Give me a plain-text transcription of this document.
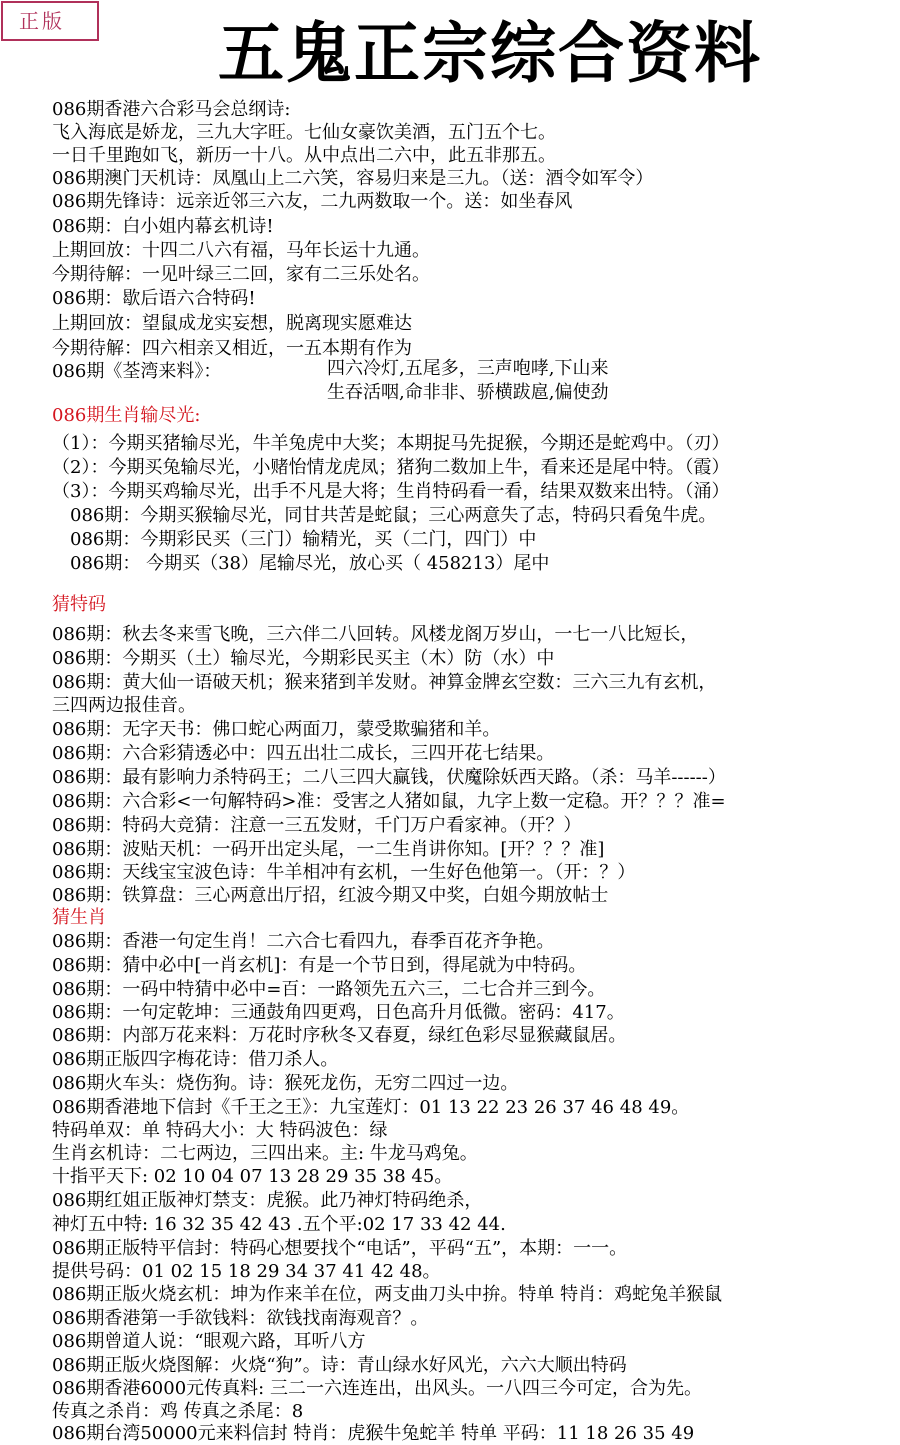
正版	五鬼正宗综合资料
086期香港六合彩马会总纲诗:
飞入海底是娇龙，三九大字旺。七仙女豪饮美酒，五门五个七。
一日千里跑如飞，新历一十八。从中点出二六中，此五非那五。
086期澳门天机诗：凤凰山上二六笑，容易归来是三九。（送：酒令如军令）
086期先锋诗：远亲近邻三六友，二九两数取一个。送：如坐春风
086期：白小姐内幕玄机诗!
上期回放：十四二八六有福，马年长运十九通。
今期待解：一见叶绿三二回，家有二三乐处名。
086期：歇后语六合特码!
上期回放：望鼠成龙实妄想，脱离现实愿难达
今期待解：四六相亲又相近，一五本期有作为
086期《荃湾来料》：	四六冷灯,五尾多，三声咆哮,下山来
生吞活咽,命非非、骄横跋扈,偏使劲
086期生肖输尽光:
（1）：今期买猪输尽光，牛羊兔虎中大奖；本期捉马先捉猴，今期还是蛇鸡中。（刃）
（2）：今期买兔输尽光，小赌怡情龙虎凤；猪狗二数加上牛，看来还是尾中特。（霞）
（3）：今期买鸡输尽光，出手不凡是大将；生肖特码看一看，结果双数来出特。（涌）
086期：今期买猴输尽光，同甘共苦是蛇鼠；三心两意失了志，特码只看兔牛虎。
086期：今期彩民买（三门）输精光，买（二门，四门）中
086期： 今期买（38）尾输尽光，放心买（ 458213）尾中
猜特码
086期：秋去冬来雪飞晚，三六伴二八回转。风楼龙阁万岁山，一七一八比短长，
086期：今期买（土）输尽光，今期彩民买主（木）防（水）中
086期：黄大仙一语破天机；猴来猪到羊发财。神算金牌玄空数：三六三九有玄机，
三四两边报佳音。
086期：无字天书：佛口蛇心两面刀，蒙受欺骗猪和羊。
086期：六合彩猜透必中：四五出壮二成长，三四开花七结果。
086期：最有影响力杀特码王；二八三四大赢钱，伏魔除妖西天路。（杀：马羊------）
086期：六合彩<一句解特码>准：受害之人猪如鼠，九字上数一定稳。开？？？准=
086期：特码大竞猜：注意一三五发财，千门万户看家神。（开？）
086期：波贴天机：一码开出定头尾，一二生肖讲你知。[开？？？准]
086期：天线宝宝波色诗：牛羊相冲有玄机，一生好色他第一。（开：？）
086期：铁算盘：三心两意出厅招，红波今期又中奖，白姐今期放帖士
猜生肖
086期：香港一句定生肖！二六合七看四九，春季百花齐争艳。
086期：猜中必中[一肖玄机]：有是一个节日到，得尾就为中特码。
086期：一码中特猜中必中=百：一路领先五六三，二七合并三到今。
086期：一句定乾坤：三通鼓角四更鸡，日色高升月低微。密码：417。
086期：内部万花来料：万花时序秋冬又春夏，绿红色彩尽显猴藏鼠居。
086期正版四字梅花诗：借刀杀人。
086期火车头：烧伤狗。诗：猴死龙伤，无穷二四过一边。
086期香港地下信封《千王之王》：九宝莲灯：01 13 22 23 26 37 46 48 49。
特码单双：单 特码大小：大 特码波色：绿
生肖玄机诗：二七两边，三四出来。主: 牛龙马鸡兔。
十指平天下: 02 10 04 07 13 28 29 35 38 45。
086期红姐正版神灯禁支：虎猴。此乃神灯特码绝杀，
神灯五中特: 16 32 35 42 43 .五个平:02 17 33 42 44.
086期正版特平信封：特码心想要找个“电话”，平码“五”，本期：一一。
提供号码：01 02 15 18 29 34 37 41 42 48。
086期正版火烧玄机：坤为作来羊在位，两支曲刀头中拚。特单 特肖：鸡蛇兔羊猴鼠
086期香港第一手欲钱料：欲钱找南海观音？。
086期曾道人说：“眼观六路，耳听八方
086期正版火烧图解：火烧“狗”。诗：青山绿水好风光，六六大顺出特码
086期香港6000元传真料: 三二一六连连出，出风头。一八四三今可定，合为先。
传真之杀肖：鸡 传真之杀尾：8
086期台湾50000元来料信封 特肖：虎猴牛兔蛇羊 特单 平码：11 18 26 35 49
